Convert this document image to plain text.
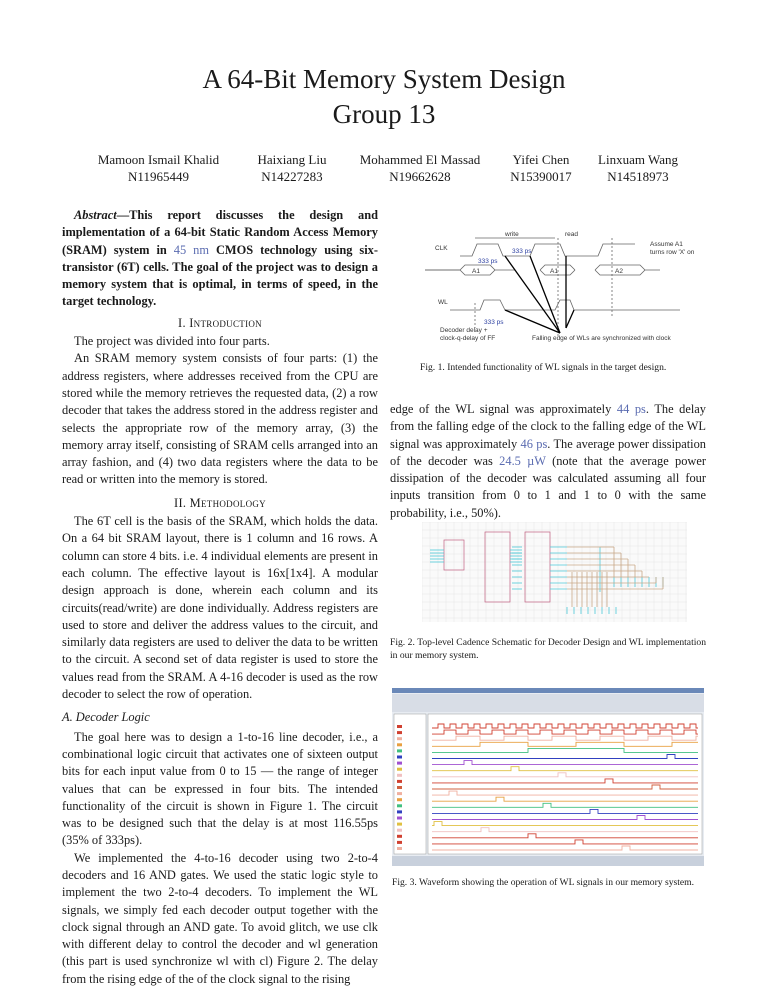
A 64-Bit Memory System Design
Group 13
Mamoon Ismail Khalid
N11965449
Haixiang Liu
N14227283
Mohammed El Massad
N19662628
Yifei Chen
N15390017
Linxuam Wang
N14518973

Abstract—This report discusses the design and implementation of a 64-bit Static Random Access Memory (SRAM) system in 45 nm CMOS technology using six-transistor (6T) cells. The goal of the project was to design a memory system that is optimal, in terms of speed, in the target technology.

I. Introduction

The project was divided into four parts.

An SRAM memory system consists of four parts: (1) the address registers, where addresses received from the CPU are stored while the memory retrieves the requested data, (2) a row decoder that takes the address stored in the address register and selects the appropriate row of the memory array, (3) the memory array itself, consisting of SRAM cells arranged into an array fashion, and (4) two data registers where the data to be read or written into the memory is stored.

II. Methodology

The 6T cell is the basis of the SRAM, which holds the data. On a 64 bit SRAM layout, there is 1 column and 16 rows. A column can store 4 bits. i.e. 4 individual elements are present in each column. The effective layout is 16x[1x4]. A modular design approach is done, wherein each column and its circuits(read/write) are done individually. Address registers are used to store and deliver the address values to the circuit, and similarly data registers are used to deliver the data to be written to the circuit. A second set of data register is used to store the values read from the SRAM. A 4-16 decoder is used as the row decoder to select the row of operation.

A. Decoder Logic

The goal here was to design a 1-to-16 line decoder, i.e., a combinational logic circuit that activates one of sixteen output bits for each input value from 0 to 15 — the range of integer values that can be expressed in four bits. The intended functionality of the circuit is shown in Figure 1. The circuit was to be designed such that the delay is at most 116.55ps (35% of 333ps).

We implemented the 4-to-16 decoder using two 2-to-4 decoders and 16 AND gates. We used the static logic style to implement the two 2-to-4 decoders. To implement the WL signals, we simply fed each decoder output together with the clock signal through an AND gate. To avoid glitch, we use clk with different delay to control the decoder and wl generation (this part is used synchronize wl with cl) Figure 2. The delay from the rising edge of the of the clock signal to the rising

CLK
write	read
333 ps
333 ps
333 ps
A1	A1	A2
WL
Assume A1
turns row 'X' on
Decoder delay +
clock-q-delay of FF	Falling edge of WLs are synchronized with clock
Fig. 1. Intended functionality of WL signals in the target design.

edge of the WL signal was approximately 44 ps. The delay from the falling edge of the clock to the falling edge of the WL signal was approximately 46 ps. The average power dissipation of the decoder was 24.5 µW (note that the average power dissipation of the decoder was calculated assuming all four inputs transition from 0 to 1 and 1 to 0 with the same probability, i.e., 50%).

Fig. 2. Top-level Cadence Schematic for Decoder Design and WL implementation in our memory system.
Fig. 3. Waveform showing the operation of WL signals in our memory system.
